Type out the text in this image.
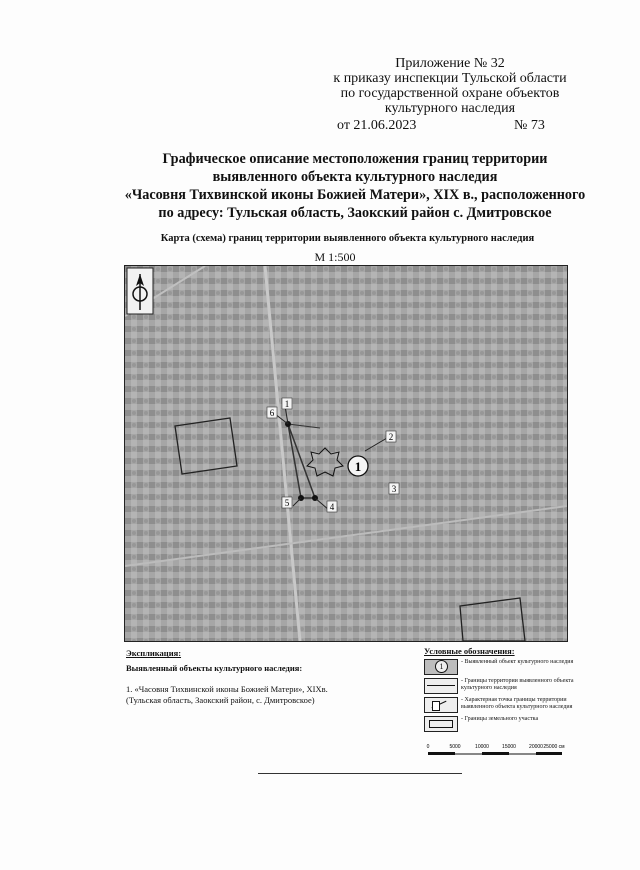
Приложение № 32
к приказу инспекции Тульской области
по государственной охране объектов
культурного наследия
от 21.06.2023	№ 73
Графическое описание местоположения границ территории
выявленного объекта культурного наследия
«Часовня Тихвинской иконы Божией Матери», XIX в., расположенного
по адресу: Тульская область, Заокский район с. Дмитровское
Карта (схема) границ территории выявленного объекта культурного наследия
М 1:500
1
1
2
3
4
5
6
Экспликация:
Выявленный объекты культурного наследия:
1. «Часовня Тихвинской иконы Божией Матери», XIXв.
(Тульская область, Заокский район, с. Дмитровское)
Условные обозначения:
1	- Выявленный объект культурного наследия
- Границы территории выявленного объекта культурного наследия
- Характерная точка границы территории выявленного объекта культурного наследия
- Границы земельного участка
0	5000	10000	15000	20000 25000 см
